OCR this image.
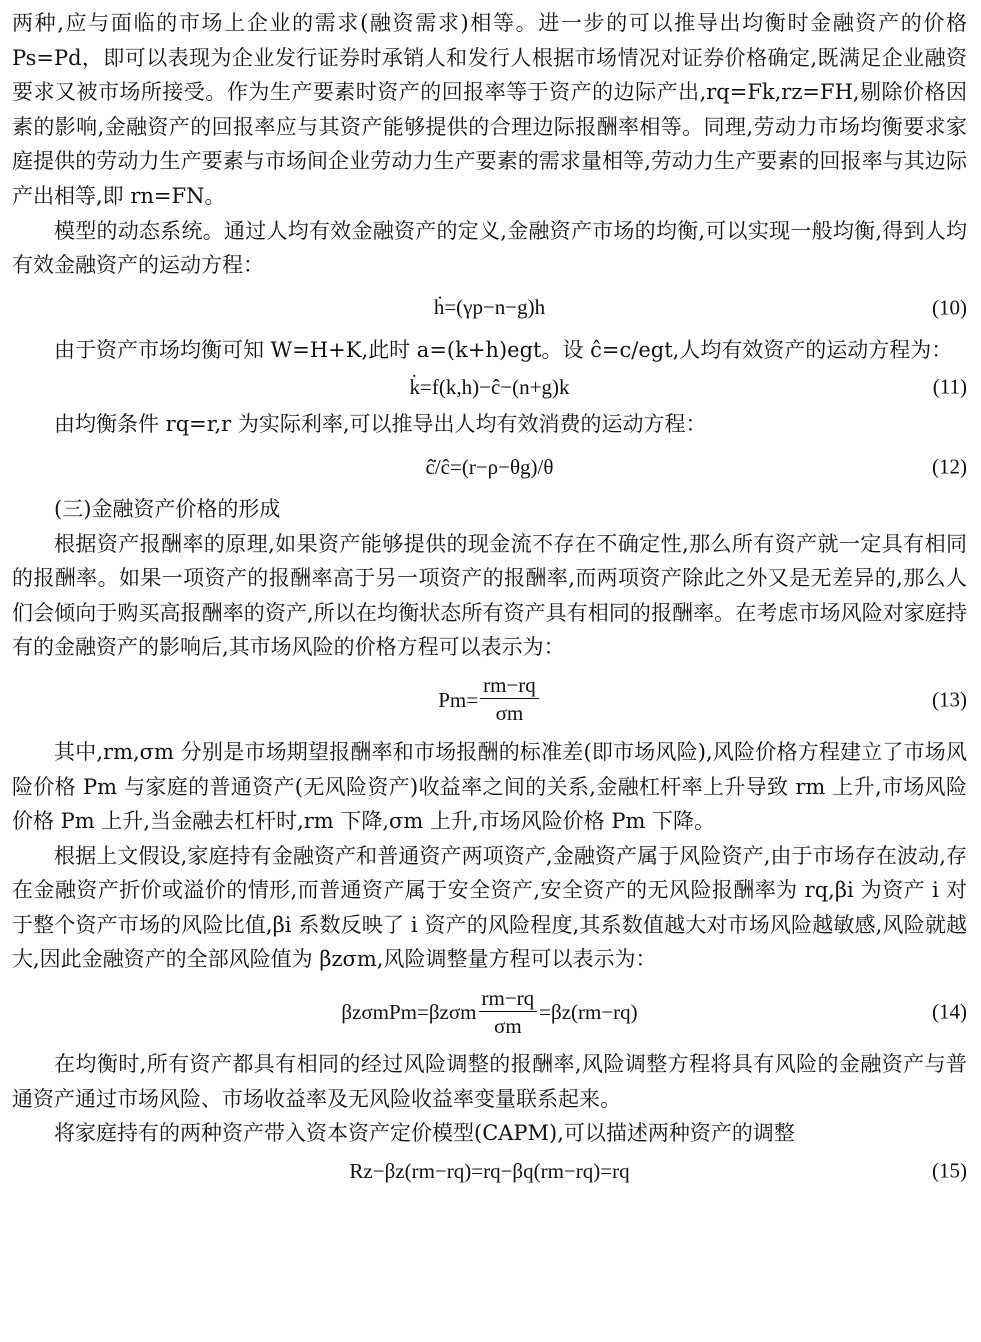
两种,应与面临的市场上企业的需求(融资需求)相等。进一步的可以推导出均衡时金融资产的价格 Ps=Pd，即可以表现为企业发行证券时承销人和发行人根据市场情况对证券价格确定,既满足企业融资要求又被市场所接受。作为生产要素时资产的回报率等于资产的边际产出,rq=Fk,rz=FH,剔除价格因素的影响,金融资产的回报率应与其资产能够提供的合理边际报酬率相等。同理,劳动力市场均衡要求家庭提供的劳动力生产要素与市场间企业劳动力生产要素的需求量相等,劳动力生产要素的回报率与其边际产出相等,即 rn=FN。

模型的动态系统。通过人均有效金融资产的定义,金融资产市场的均衡,可以实现一般均衡,得到人均有效金融资产的运动方程：

ḣ=(γp−n−g)h	(10)

由于资产市场均衡可知 W=H+K,此时 a=(k+h)egt。设 ĉ=c/egt,人均有效资产的运动方程为：

k̇=f(k,h)−ĉ−(n+g)k	(11)

由均衡条件 rq=r,r 为实际利率,可以推导出人均有效消费的运动方程：

ĉ̇/ĉ=(r−ρ−θg)/θ	(12)

(三)金融资产价格的形成

根据资产报酬率的原理,如果资产能够提供的现金流不存在不确定性,那么所有资产就一定具有相同的报酬率。如果一项资产的报酬率高于另一项资产的报酬率,而两项资产除此之外又是无差异的,那么人们会倾向于购买高报酬率的资产,所以在均衡状态所有资产具有相同的报酬率。在考虑市场风险对家庭持有的金融资产的影响后,其市场风险的价格方程可以表示为：

$Pm= \frac{rm-rq}{\sigma m}$	(13)

其中,rm,σm 分别是市场期望报酬率和市场报酬的标准差(即市场风险),风险价格方程建立了市场风险价格 Pm 与家庭的普通资产(无风险资产)收益率之间的关系,金融杠杆率上升导致 rm 上升,市场风险价格 Pm 上升,当金融去杠杆时,rm 下降,σm 上升,市场风险价格 Pm 下降。

根据上文假设,家庭持有金融资产和普通资产两项资产,金融资产属于风险资产,由于市场存在波动,存在金融资产折价或溢价的情形,而普通资产属于安全资产,安全资产的无风险报酬率为 rq,βi 为资产 i 对于整个资产市场的风险比值,βi 系数反映了 i 资产的风险程度,其系数值越大对市场风险越敏感,风险就越大,因此金融资产的全部风险值为 βzσm,风险调整量方程可以表示为：

$\beta z\sigma mPm=\beta z\sigma m \frac{rm-rq}{\sigma m} =\beta z(rm-rq)$	(14)

在均衡时,所有资产都具有相同的经过风险调整的报酬率,风险调整方程将具有风险的金融资产与普通资产通过市场风险、市场收益率及无风险收益率变量联系起来。

将家庭持有的两种资产带入资本资产定价模型(CAPM),可以描述两种资产的调整

Rz−βz(rm−rq)=rq−βq(rm−rq)=rq	(15)
